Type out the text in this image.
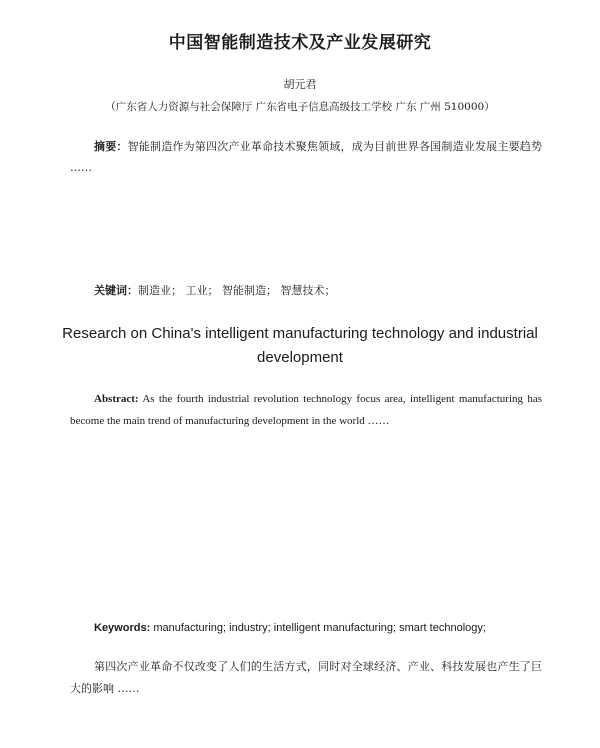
中国智能制造技术及产业发展研究
胡元君
（广东省人力资源与社会保障厅 广东省电子信息高级技工学校 广东 广州 510000）
摘要：智能制造作为第四次产业革命技术聚焦领域，成为目前世界各国制造业发展主要趋势 ……
关键词：制造业； 工业； 智能制造； 智慧技术；
Research on China's intelligent manufacturing technology and industrial development
Abstract: As the fourth industrial revolution technology focus area, intelligent manufacturing has become the main trend of manufacturing development in the world ……
Keywords: manufacturing; industry; intelligent manufacturing; smart technology;
第四次产业革命不仅改变了人们的生活方式，同时对全球经济、产业、科技发展也产生了巨大的影响 ……
